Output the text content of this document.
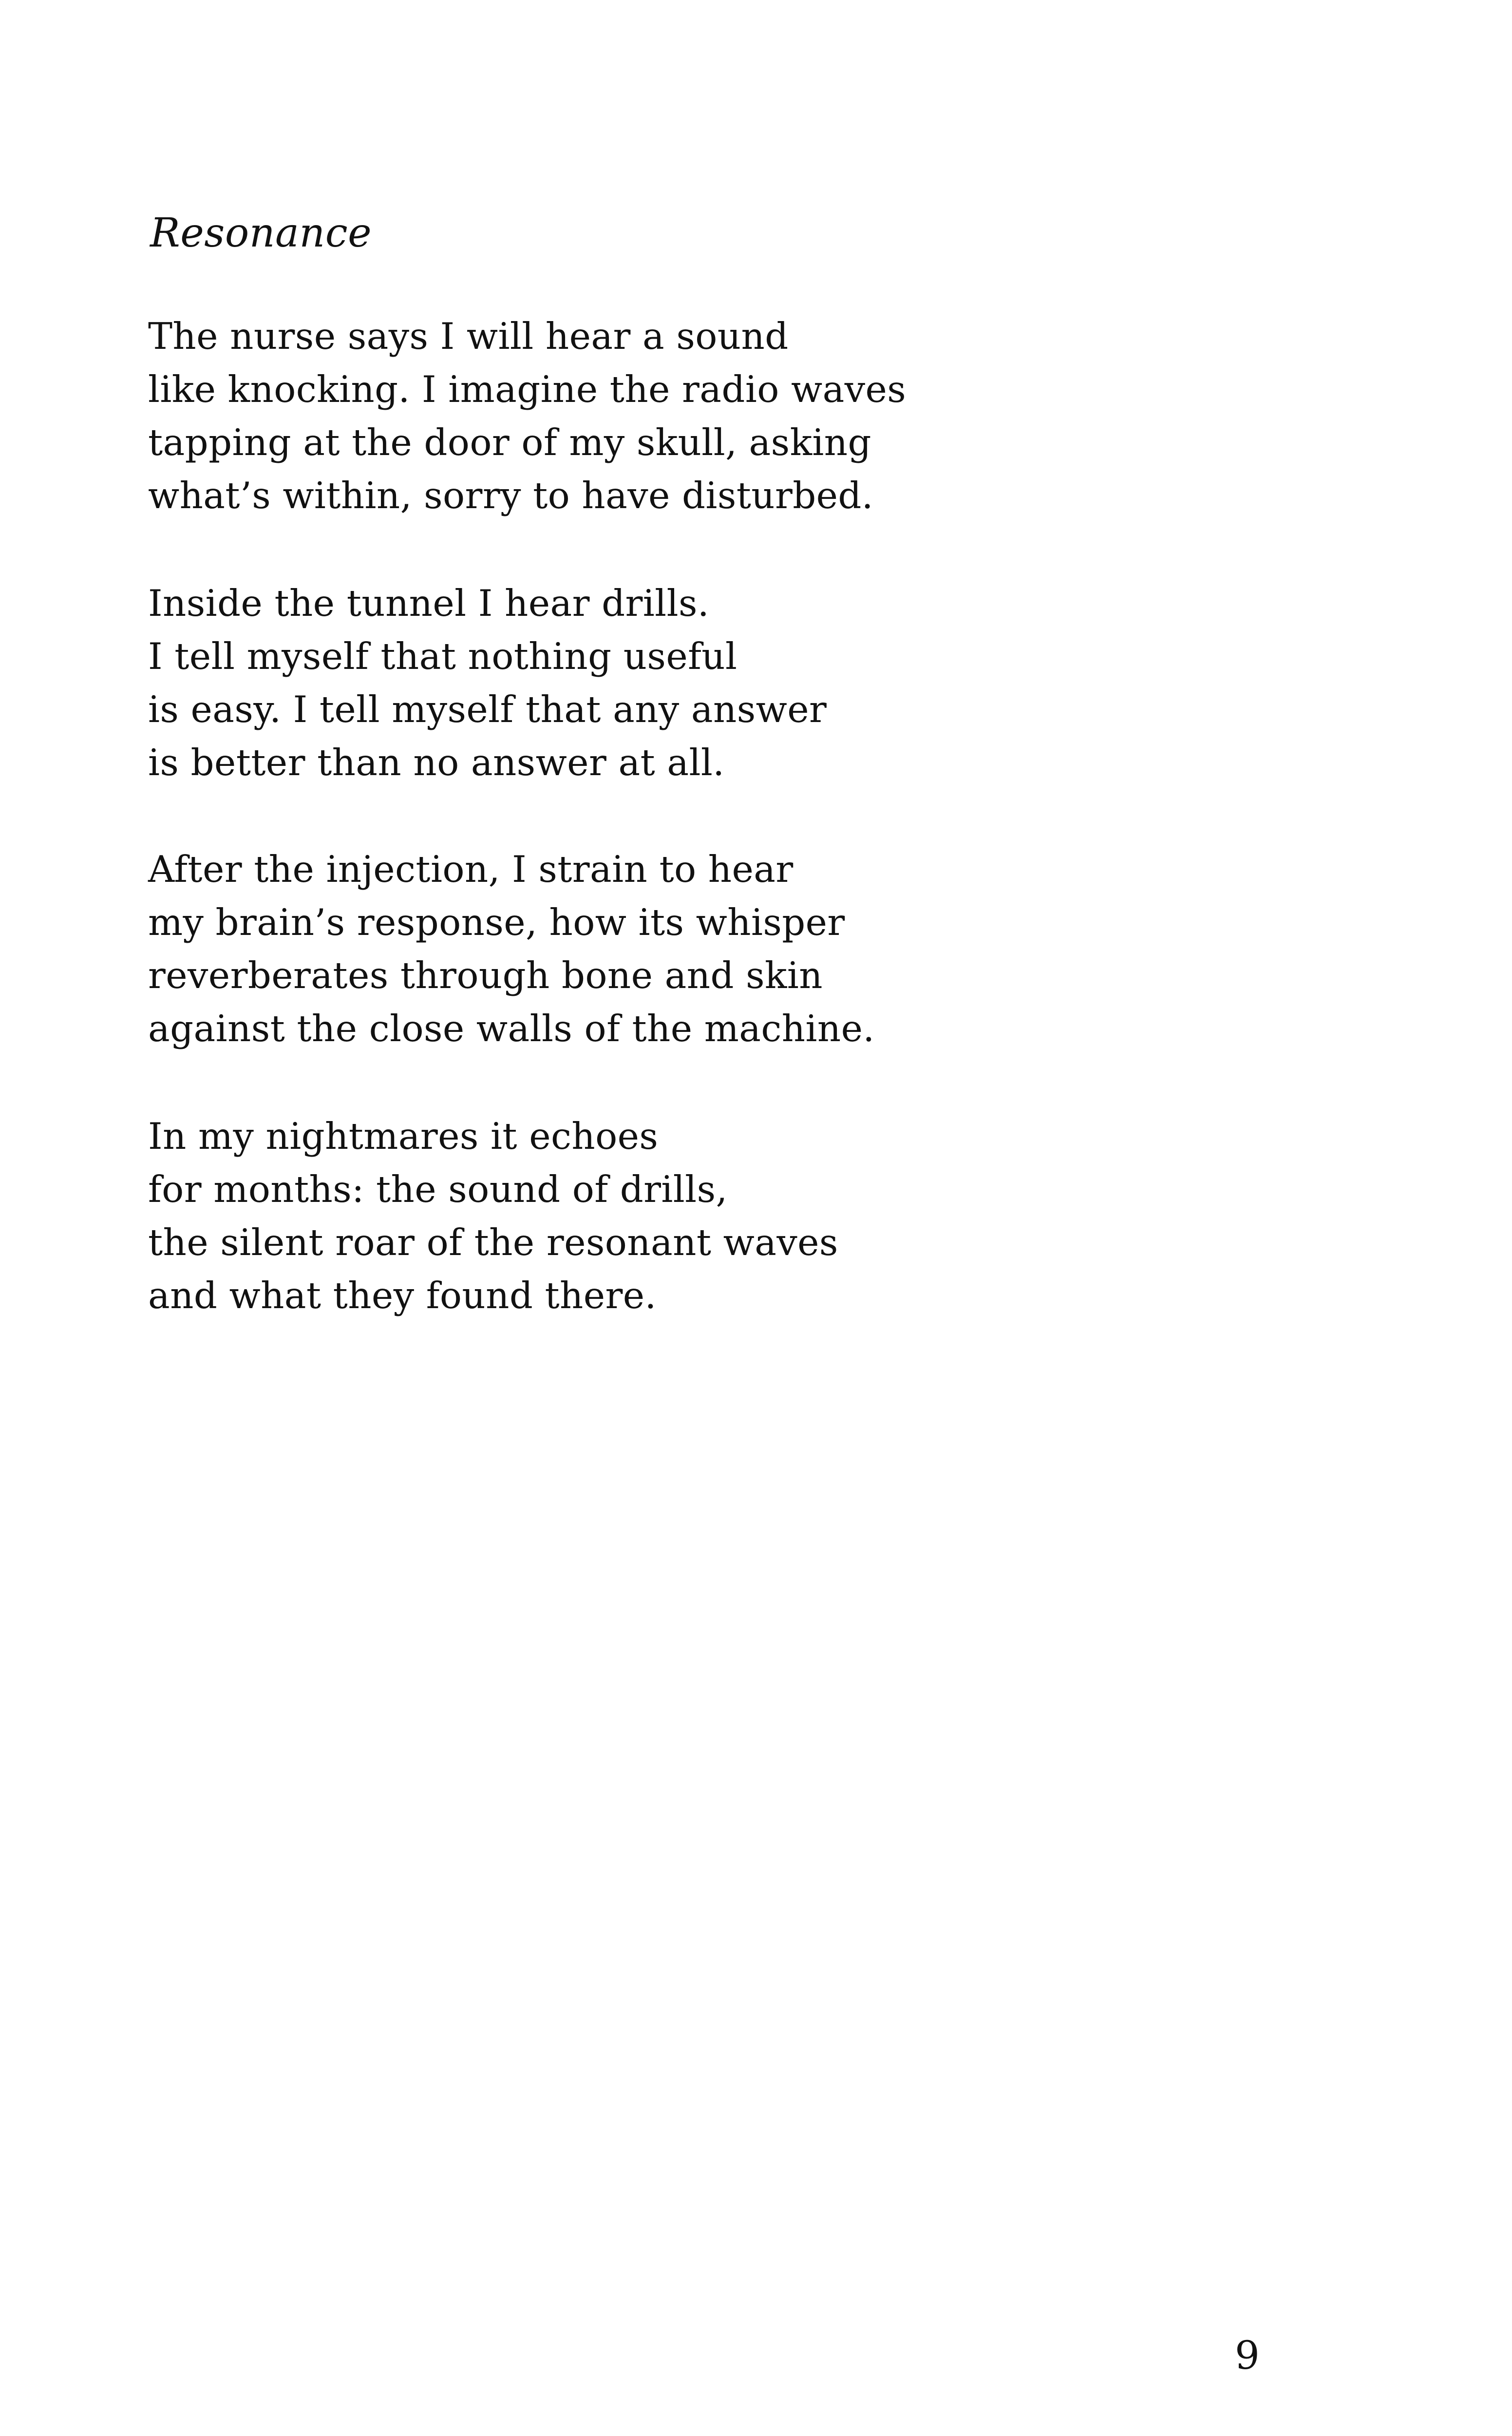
Resonance

The nurse says I will hear a sound
like knocking. I imagine the radio waves
tapping at the door of my skull, asking
what’s within, sorry to have disturbed.

Inside the tunnel I hear drills.
I tell myself that nothing useful
is easy. I tell myself that any answer
is better than no answer at all.

After the injection, I strain to hear
my brain’s response, how its whisper
reverberates through bone and skin
against the close walls of the machine.

In my nightmares it echoes
for months: the sound of drills,
the silent roar of the resonant waves
and what they found there.

9
